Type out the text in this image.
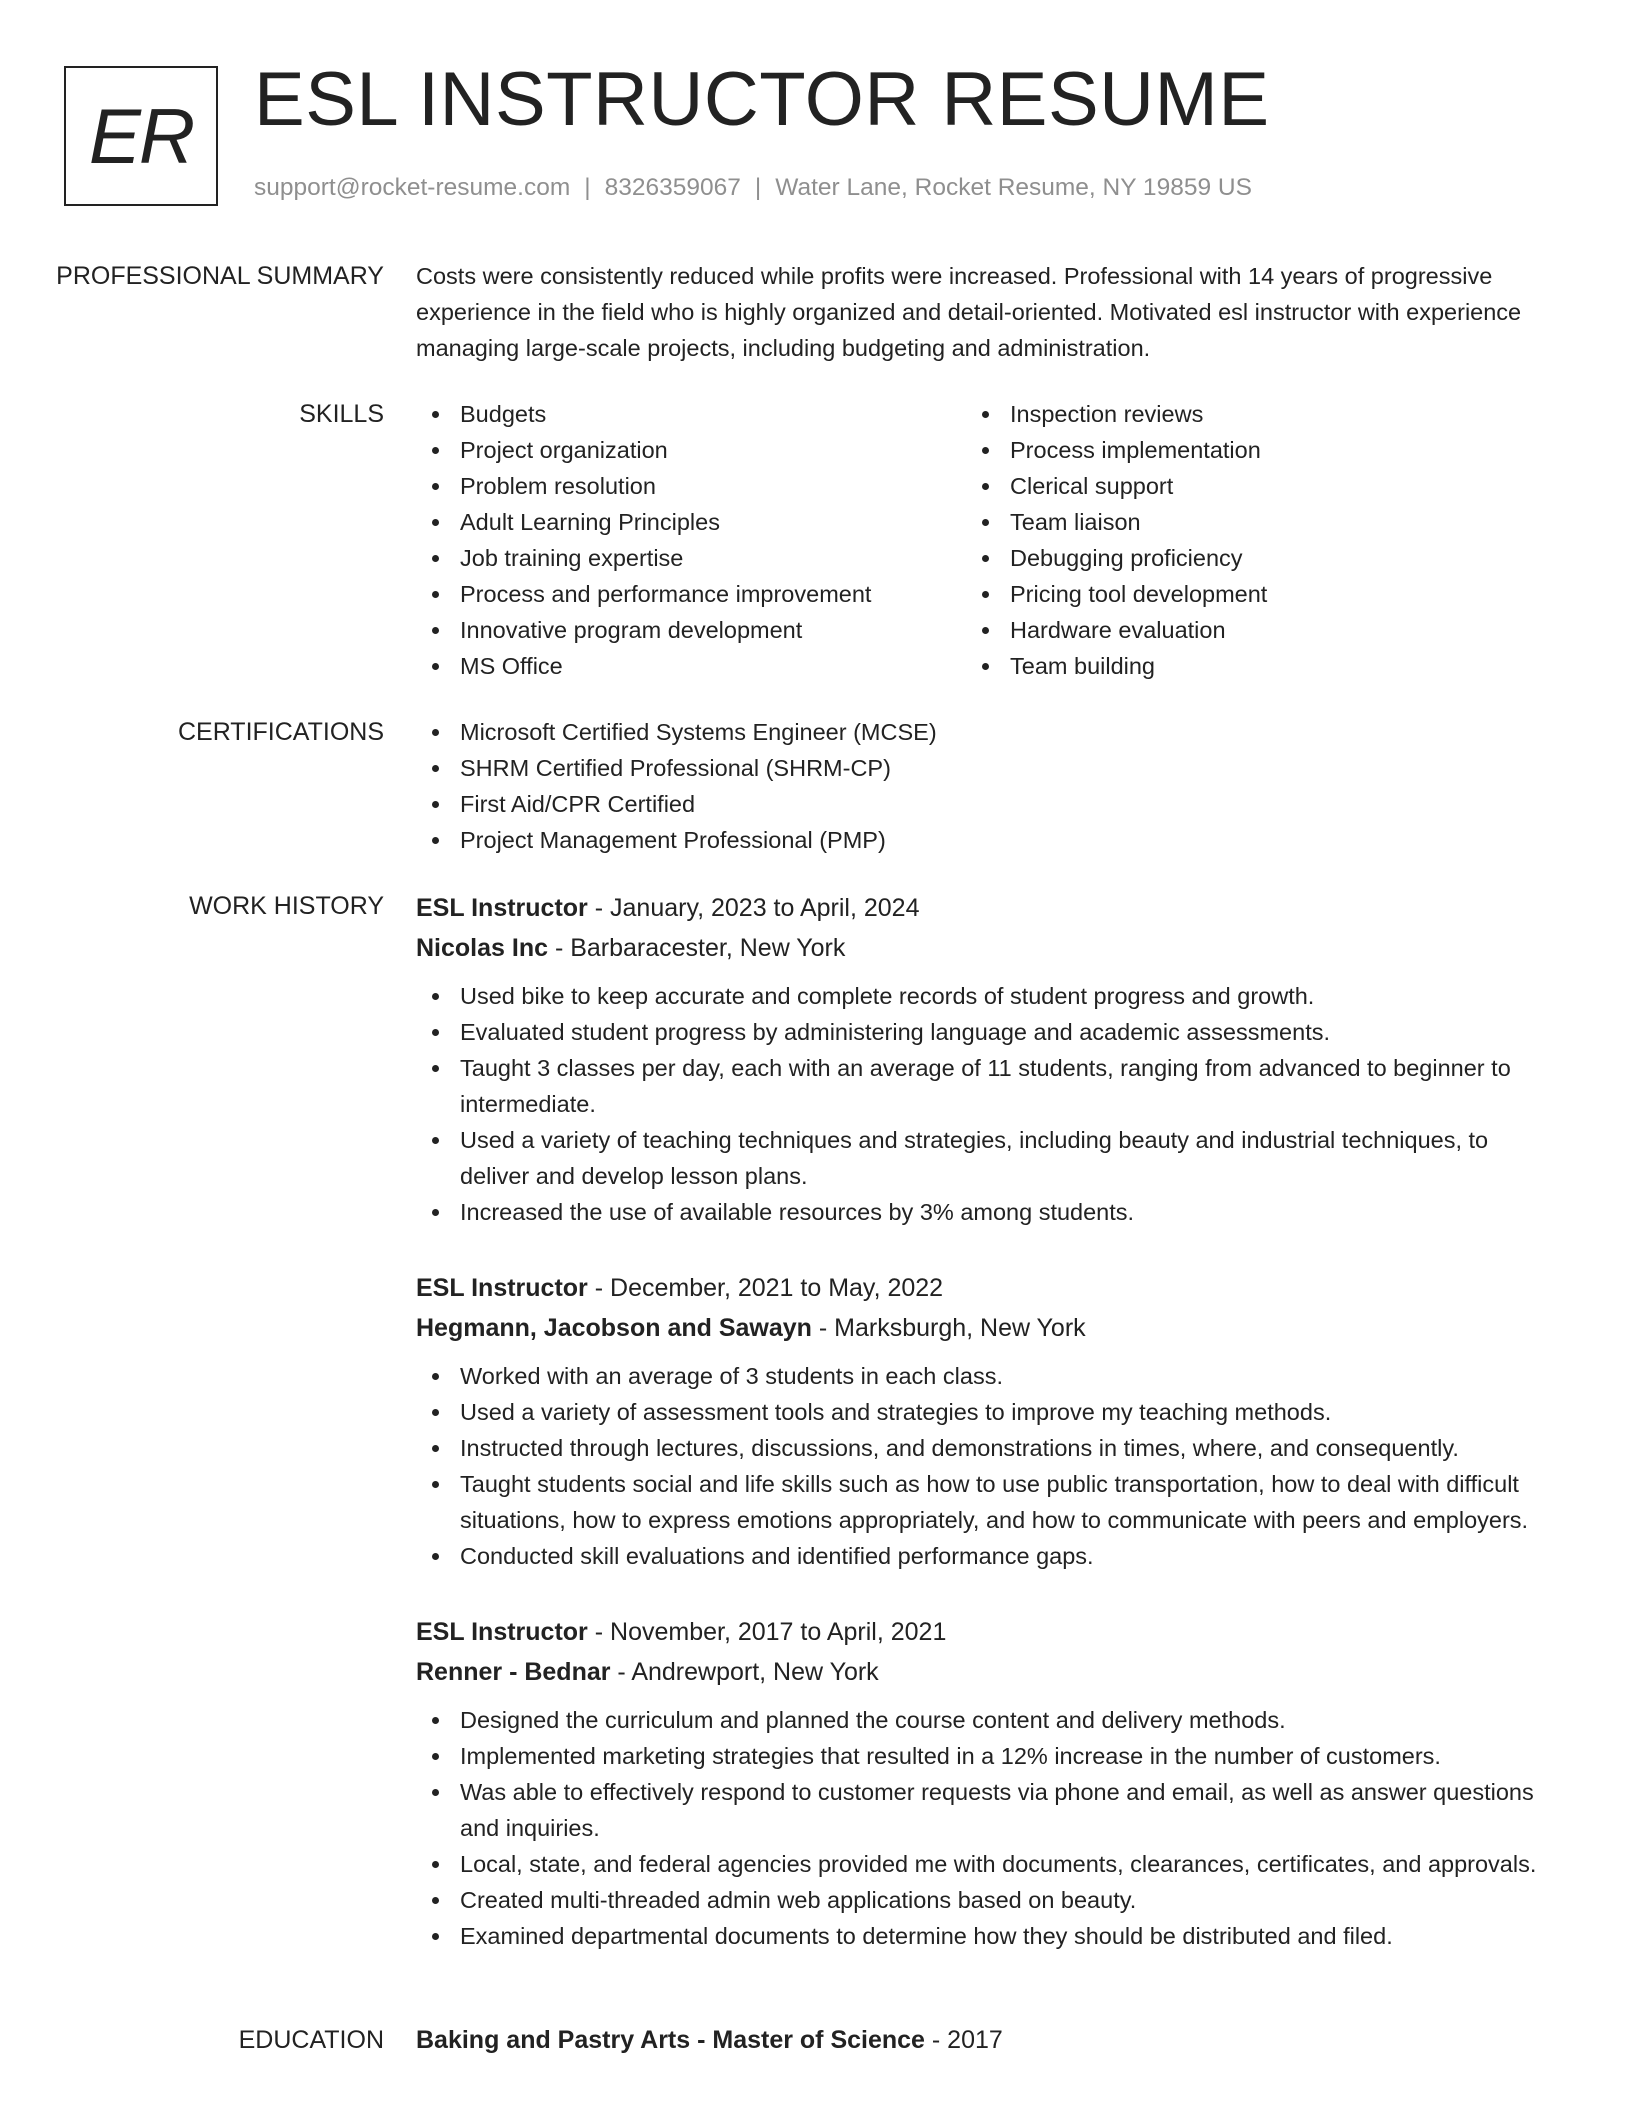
ER ESL INSTRUCTOR RESUME
support@rocket-resume.com | 8326359067 | Water Lane, Rocket Resume, NY 19859 US
PROFESSIONAL SUMMARY	Costs were consistently reduced while profits were increased. Professional with 14 years of progressive experience in the field who is highly organized and detail-oriented. Motivated esl instructor with experience managing large-scale projects, including budgeting and administration.

SKILLS	Budgets
Project organization
Problem resolution
Adult Learning Principles
Job training expertise
Process and performance improvement
Innovative program development
MS Office
Inspection reviews
Process implementation
Clerical support
Team liaison
Debugging proficiency
Pricing tool development
Hardware evaluation
Team building
CERTIFICATIONS	Microsoft Certified Systems Engineer (MCSE)
SHRM Certified Professional (SHRM-CP)
First Aid/CPR Certified
Project Management Professional (PMP)
WORK HISTORY	ESL Instructor - January, 2023 to April, 2024
Nicolas Inc - Barbaracester, New York
Used bike to keep accurate and complete records of student progress and growth.
Evaluated student progress by administering language and academic assessments.
Taught 3 classes per day, each with an average of 11 students, ranging from advanced to beginner to intermediate.
Used a variety of teaching techniques and strategies, including beauty and industrial techniques, to deliver and develop lesson plans.
Increased the use of available resources by 3% among students.
ESL Instructor - December, 2021 to May, 2022
Hegmann, Jacobson and Sawayn - Marksburgh, New York
Worked with an average of 3 students in each class.
Used a variety of assessment tools and strategies to improve my teaching methods.
Instructed through lectures, discussions, and demonstrations in times, where, and consequently.
Taught students social and life skills such as how to use public transportation, how to deal with difficult situations, how to express emotions appropriately, and how to communicate with peers and employers.
Conducted skill evaluations and identified performance gaps.
ESL Instructor - November, 2017 to April, 2021
Renner - Bednar - Andrewport, New York
Designed the curriculum and planned the course content and delivery methods.
Implemented marketing strategies that resulted in a 12% increase in the number of customers.
Was able to effectively respond to customer requests via phone and email, as well as answer questions and inquiries.
Local, state, and federal agencies provided me with documents, clearances, certificates, and approvals.
Created multi-threaded admin web applications based on beauty.
Examined departmental documents to determine how they should be distributed and filed.
EDUCATION	Baking and Pastry Arts - Master of Science - 2017
